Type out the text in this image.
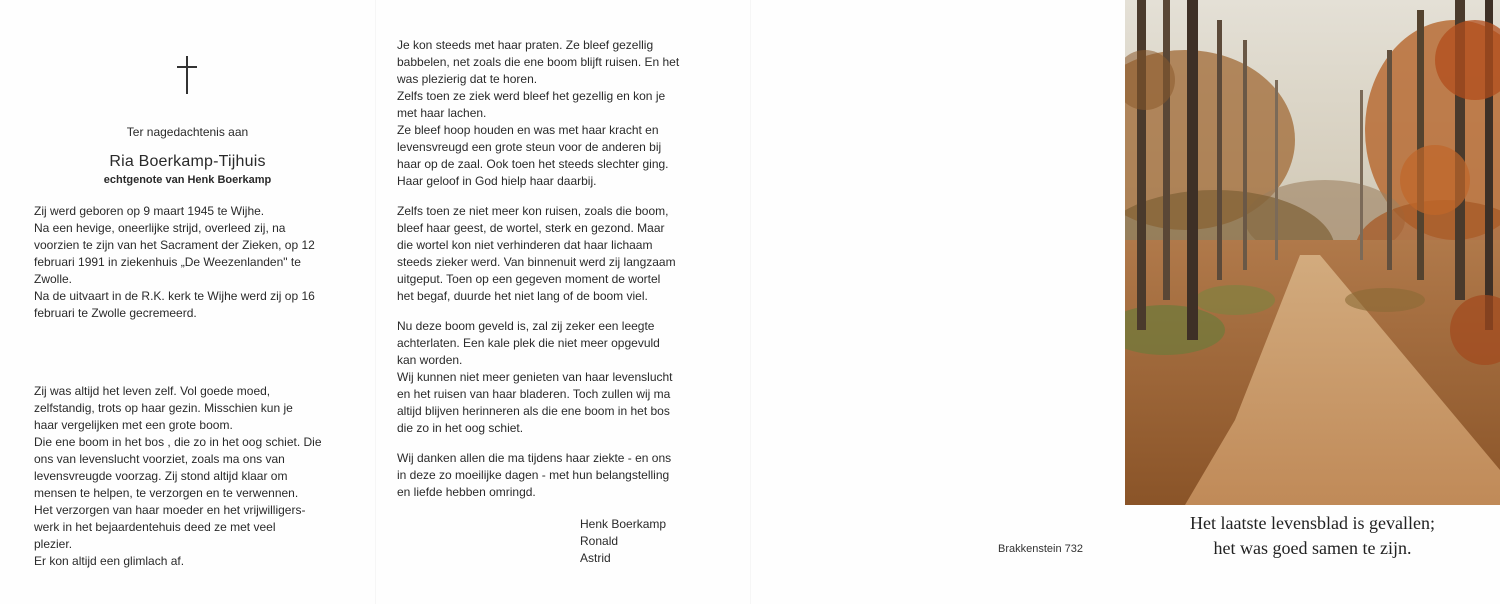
Ter nagedachtenis aan
Ria Boerkamp-Tijhuis
echtgenote van Henk Boerkamp
Zij werd geboren op 9 maart 1945 te Wijhe.
Na een hevige, oneerlijke strijd, overleed zij, na
voorzien te zijn van het Sacrament der Zieken, op 12
februari 1991 in ziekenhuis „De Weezenlanden" te
Zwolle.
Na de uitvaart in de R.K. kerk te Wijhe werd zij op 16
februari te Zwolle gecremeerd.
Zij was altijd het leven zelf. Vol goede moed,
zelfstandig, trots op haar gezin. Misschien kun je
haar vergelijken met een grote boom.
Die ene boom in het bos , die zo in het oog schiet. Die
ons van levenslucht voorziet, zoals ma ons van
levensvreugde voorzag. Zij stond altijd klaar om
mensen te helpen, te verzorgen en te verwennen.
Het verzorgen van haar moeder en het vrijwilligers-
werk in het bejaardentehuis deed ze met veel
plezier.
Er kon altijd een glimlach af.
Je kon steeds met haar praten. Ze bleef gezellig
babbelen, net zoals die ene boom blijft ruisen. En het
was plezierig dat te horen.
Zelfs toen ze ziek werd bleef het gezellig en kon je
met haar lachen.
Ze bleef hoop houden en was met haar kracht en
levensvreugd een grote steun voor de anderen bij
haar op de zaal. Ook toen het steeds slechter ging.
Haar geloof in God hielp haar daarbij.
Zelfs toen ze niet meer kon ruisen, zoals die boom,
bleef haar geest, de wortel, sterk en gezond. Maar
die wortel kon niet verhinderen dat haar lichaam
steeds zieker werd. Van binnenuit werd zij langzaam
uitgeput. Toen op een gegeven moment de wortel
het begaf, duurde het niet lang of de boom viel.
Nu deze boom geveld is, zal zij zeker een leegte
achterlaten. Een kale plek die niet meer opgevuld
kan worden.
Wij kunnen niet meer genieten van haar levenslucht
en het ruisen van haar bladeren. Toch zullen wij ma
altijd blijven herinneren als die ene boom in het bos
die zo in het oog schiet.
Wij danken allen die ma tijdens haar ziekte - en ons
in deze zo moeilijke dagen - met hun belangstelling
en liefde hebben omringd.
Henk Boerkamp
Ronald
Astrid
Brakkenstein 732
Het laatste levensblad is gevallen;
het was goed samen te zijn.
